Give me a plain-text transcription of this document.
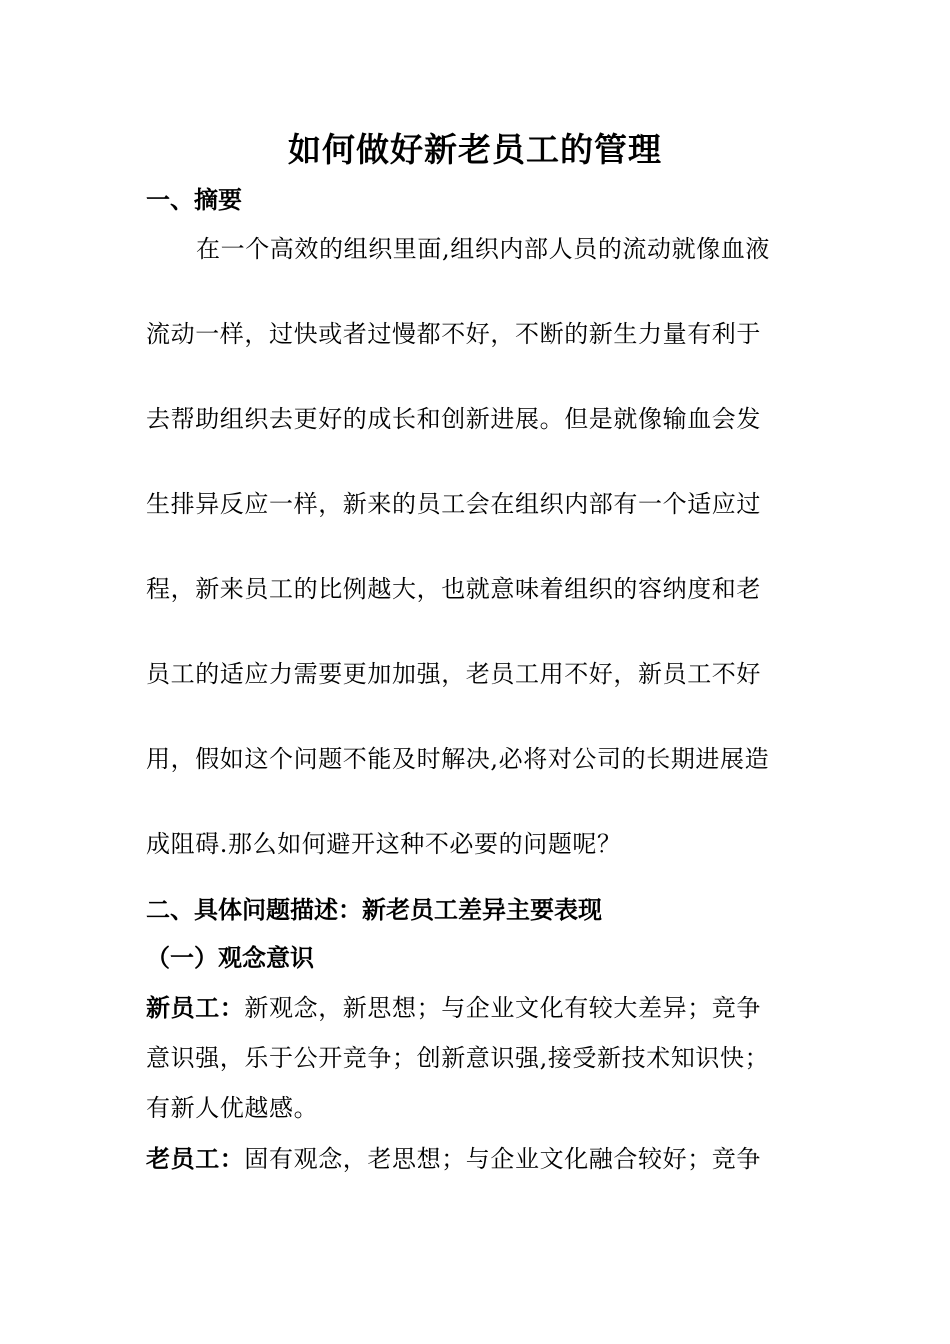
如何做好新老员工的管理
一、摘要
在一个高效的组织里面,组织内部人员的流动就像血液
流动一样，过快或者过慢都不好，不断的新生力量有利于
去帮助组织去更好的成长和创新进展。但是就像输血会发
生排异反应一样，新来的员工会在组织内部有一个适应过
程，新来员工的比例越大，也就意味着组织的容纳度和老
员工的适应力需要更加加强，老员工用不好，新员工不好
用，假如这个问题不能及时解决,必将对公司的长期进展造
成阻碍.那么如何避开这种不必要的问题呢？
二、具体问题描述：新老员工差异主要表现
（一）观念意识
新员工：新观念，新思想；与企业文化有较大差异；竞争
意识强，乐于公开竞争；创新意识强,接受新技术知识快；
有新人优越感。
老员工：固有观念，老思想；与企业文化融合较好；竞争
